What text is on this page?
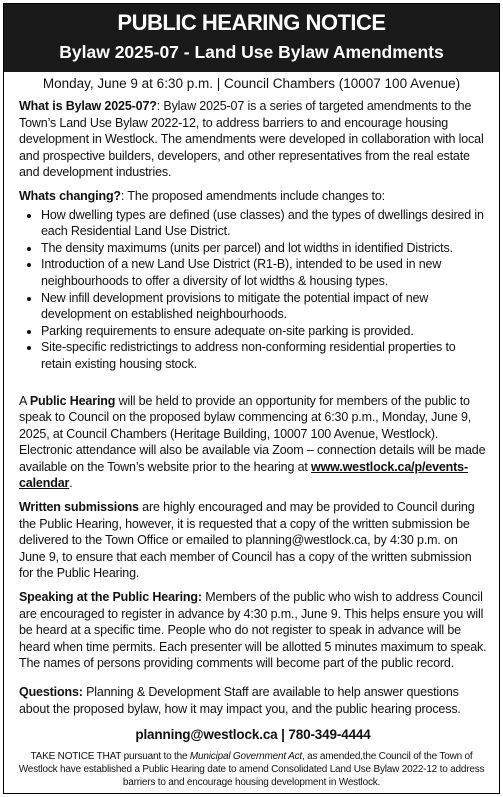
PUBLIC HEARING NOTICE
Bylaw 2025-07 - Land Use Bylaw Amendments
Monday, June 9 at 6:30 p.m. | Council Chambers (10007 100 Avenue)

What is Bylaw 2025-07?: Bylaw 2025-07 is a series of targeted amendments to the Town’s Land Use Bylaw 2022-12, to address barriers to and encourage housing development in Westlock. The amendments were developed in collaboration with local and prospective builders, developers, and other representatives from the real estate and development industries.

Whats changing?: The proposed amendments include changes to:

• How dwelling types are defined (use classes) and the types of dwellings desired in each Residential Land Use District.
• The density maximums (units per parcel) and lot widths in identified Districts.
• Introduction of a new Land Use District (R1-B), intended to be used in new neighbourhoods to offer a diversity of lot widths & housing types.
• New infill development provisions to mitigate the potential impact of new development on established neighbourhoods.
• Parking requirements to ensure adequate on-site parking is provided.
• Site-specific redistrictings to address non-conforming residential properties to retain existing housing stock.

A Public Hearing will be held to provide an opportunity for members of the public to speak to Council on the proposed bylaw commencing at 6:30 p.m., Monday, June 9, 2025, at Council Chambers (Heritage Building, 10007 100 Avenue, Westlock). Electronic attendance will also be available via Zoom – connection details will be made available on the Town’s website prior to the hearing at www.westlock.ca/p/events-calendar.

Written submissions are highly encouraged and may be provided to Council during the Public Hearing, however, it is requested that a copy of the written submission be delivered to the Town Office or emailed to planning@westlock.ca, by 4:30 p.m. on June 9, to ensure that each member of Council has a copy of the written submission for the Public Hearing.

Speaking at the Public Hearing: Members of the public who wish to address Council are encouraged to register in advance by 4:30 p.m., June 9. This helps ensure you will be heard at a specific time. People who do not register to speak in advance will be heard when time permits. Each presenter will be allotted 5 minutes maximum to speak. The names of persons providing comments will become part of the public record.

Questions: Planning & Development Staff are available to help answer questions about the proposed bylaw, how it may impact you, and the public hearing process.

planning@westlock.ca | 780-349-4444
TAKE NOTICE THAT pursuant to the Municipal Government Act, as amended,the Council of the Town of Westlock have established a Public Hearing date to amend Consolidated Land Use Bylaw 2022-12 to address barriers to and encourage housing development in Westlock.
